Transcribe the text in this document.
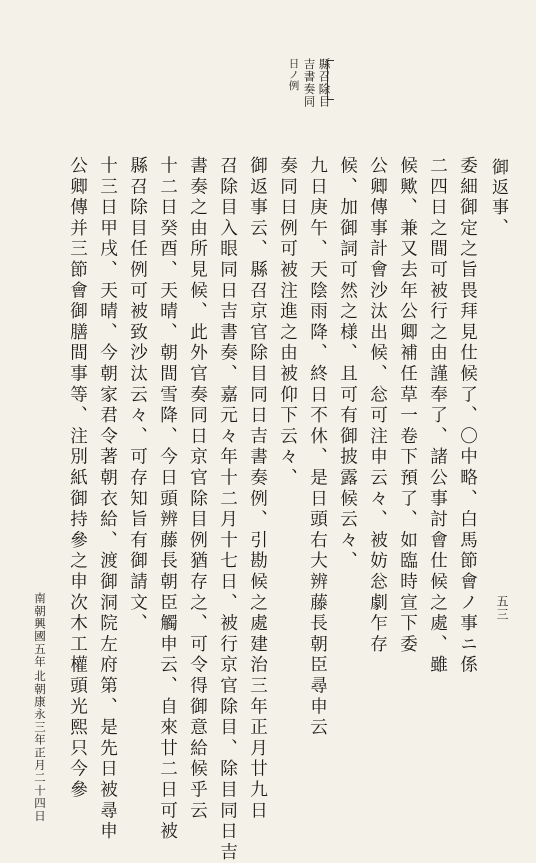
縣召除目
吉書奏同
日ノ例
御返事、
委細御定之旨畏拜見仕候了、〇中略、白馬節會ノ事ニ係
二四日之間可被行之由謹奉了、諸公事討會仕候之處、雖
候歟、兼又去年公卿補任草一卷下預了、如臨時宣下委
公卿傳事計會沙汰出候、忩可注申云々、被妨忩劇乍存
候、加御詞可然之様、且可有御披露候云々、
九日庚午、天陰雨降、終日不休、是日頭右大辨藤長朝臣尋申云
奏同日例可被注進之由被仰下云々、
御返事云、縣召京官除目同日吉書奏例、引勘候之處建治三年正月廿九日
召除目入眼同日吉書奏、嘉元々年十二月十七日、被行京官除目、除目同日吉
書奏之由所見候、此外官奏同日京官除目例猶存之、可令得御意給候乎云
十二日癸酉、天晴、朝間雪降、今日頭辨藤長朝臣觸申云、自來廿二日可被
縣召除目任例可被致沙汰云々、可存知旨有御請文、
十三日甲戌、天晴、今朝家君令著朝衣給、渡御洞院左府第、是先日被尋申
公卿傳并三節會御膳間事等、注別紙御持參之申次木工權頭光熙只今參
南朝興國五年
北朝康永三年正月二十四日
五三
